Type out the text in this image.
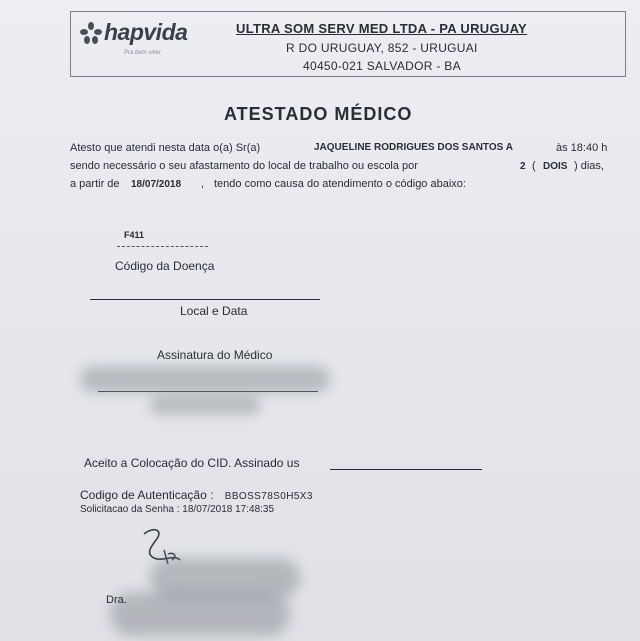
hapvida
Pra bem viver
ULTRA SOM SERV MED LTDA - PA URUGUAY
R DO URUGUAY, 852 - URUGUAI
40450-021 SALVADOR - BA
ATESTADO MÉDICO
Atesto que atendi nesta data o(a) Sr(a)	JAQUELINE RODRIGUES DOS SANTOS A	às 18:40 h
sendo necessário o seu afastamento do local de trabalho ou escola por	2 ( DOIS ) dias,
a partir de 18/07/2018 , tendo como causa do atendimento o código abaixo:
F411
Código da Doença
Local e Data
Assinatura do Médico
Aceito a Colocação do CID. Assinado us
Codigo de Autenticação : BBOSS78S0H5X3
Solicitacao da Senha : 18/07/2018 17:48:35
Dra.
